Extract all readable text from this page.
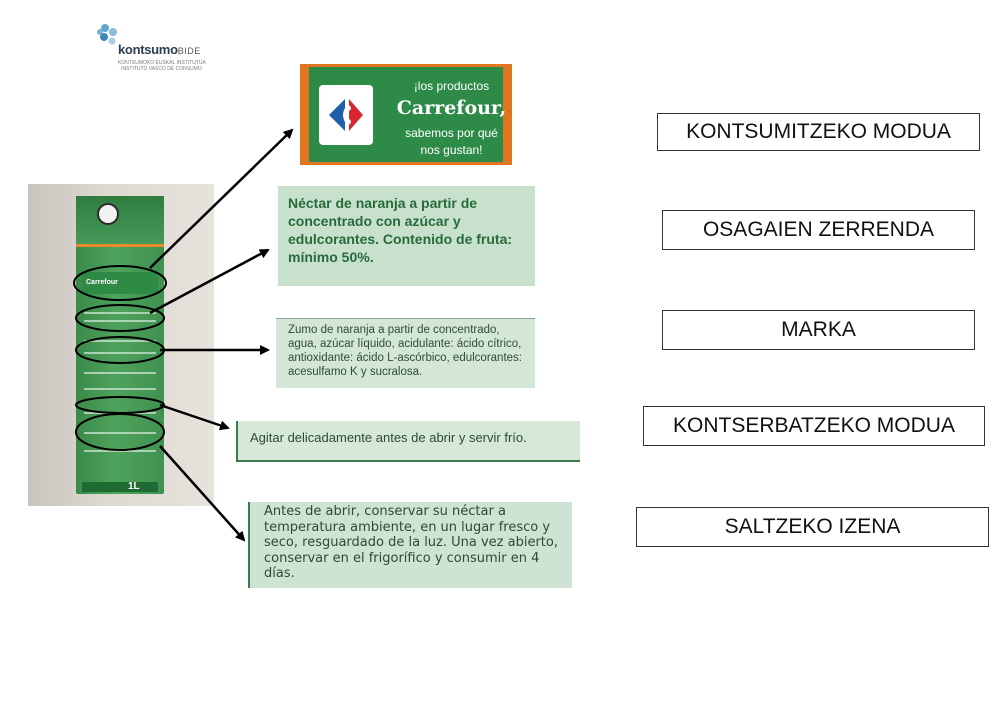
kontsumoBIDE
KONTSUMOKO EUSKAL INSTITUTUA · INSTITUTO VASCO DE CONSUMO
Carrefour
1L
¡los productos
Carrefour,
sabemos por qué
nos gustan!
Néctar de naranja a partir de concentrado con azúcar y edulcorantes. Contenido de fruta: mínimo 50%.
Zumo de naranja a partir de concentrado, agua, azúcar líquido, acidulante: ácido cítrico, antioxidante: ácido L-ascórbico, edulcorantes: acesulfamo K y sucralosa.
Agitar delicadamente antes de abrir y servir frío.
Antes de abrir, conservar su néctar a temperatura ambiente, en un lugar fresco y seco, resguardado de la luz. Una vez abierto, conservar en el frigorífico y consumir en 4 días.
KONTSUMITZEKO MODUA
OSAGAIEN ZERRENDA
MARKA
KONTSERBATZEKO MODUA
SALTZEKO IZENA
